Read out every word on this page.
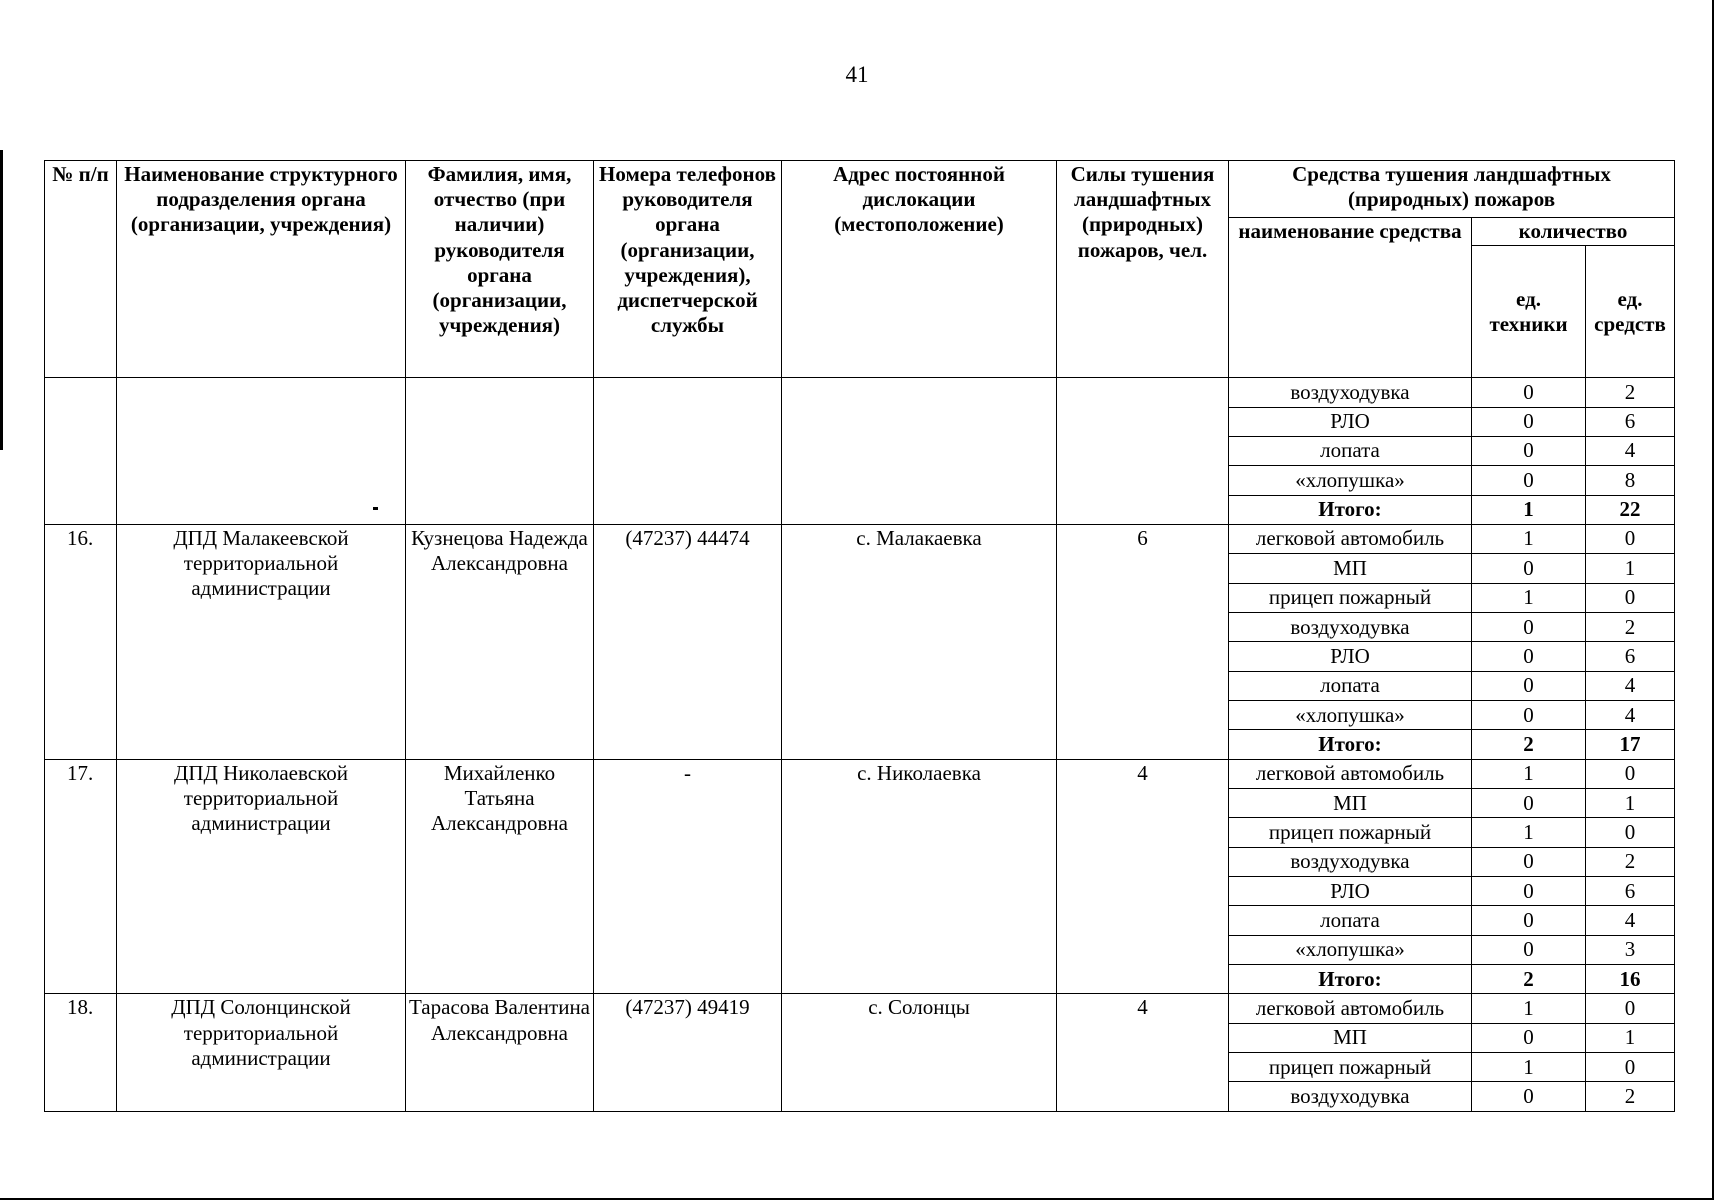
41
№ п/п	Наименование структурного подразделения органа (организации, учреждения)	Фамилия, имя, отчество (при наличии) руководителя органа (организации, учреждения)	Номера телефонов руководителя органа (организации, учреждения), диспетчерской службы	Адрес постоянной дислокации (местоположение)	Силы тушения ландшафтных (природных) пожаров, чел.	Средства тушения ландшафтных (природных) пожаров		
						наименование средства	количество	
							ед. техники	ед. средств
						воздуходувка	0	2
						РЛО	0	6
						лопата	0	4
						«хлопушка»	0	8
						Итого:	1	22
16.	ДПД Малакеевской территориальной администрации	Кузнецова Надежда Александровна	(47237) 44474	с. Малакаевка	6	легковой автомобиль	1	0
						МП	0	1
						прицеп пожарный	1	0
						воздуходувка	0	2
						РЛО	0	6
						лопата	0	4
						«хлопушка»	0	4
						Итого:	2	17
17.	ДПД Николаевской территориальной администрации	Михайленко Татьяна Александровна	-	с. Николаевка	4	легковой автомобиль	1	0
						МП	0	1
						прицеп пожарный	1	0
						воздуходувка	0	2
						РЛО	0	6
						лопата	0	4
						«хлопушка»	0	3
						Итого:	2	16
18.	ДПД Солонцинской территориальной администрации	Тарасова Валентина Александровна	(47237) 49419	с. Солонцы	4	легковой автомобиль	1	0
						МП	0	1
						прицеп пожарный	1	0
						воздуходувка	0	2
